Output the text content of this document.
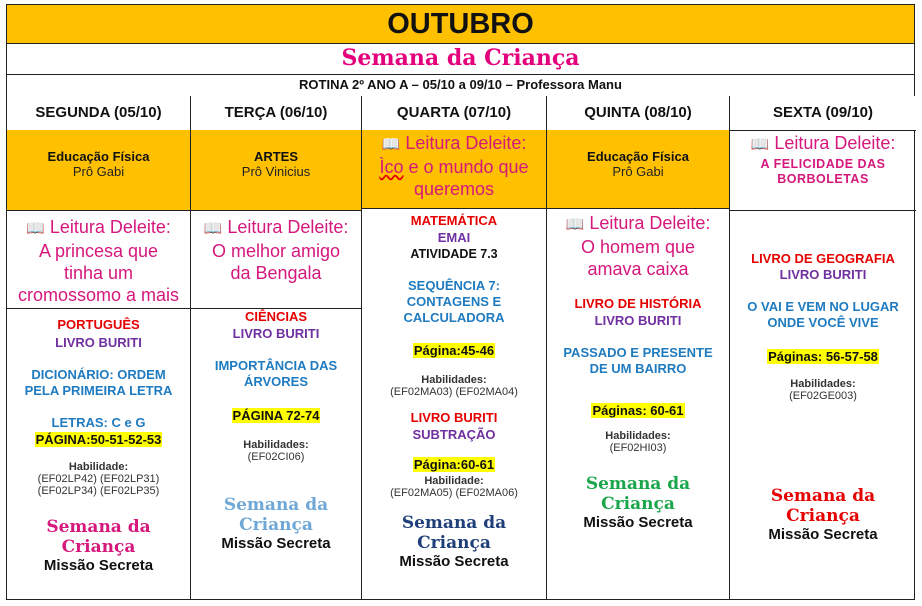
OUTUBRO
Semana da Criança
ROTINA 2º ANO A – 05/10 a 09/10 – Professora Manu
SEGUNDA (05/10)
Educação Física
Prô Gabi
📖 Leitura Deleite:
A princesa que
tinha um
cromossomo a mais
PORTUGUÊS
LIVRO BURITI
DICIONÁRIO: ORDEM
PELA PRIMEIRA LETRA
LETRAS: C e G
PÁGINA:50-51-52-53
Habilidade:
(EF02LP42) (EF02LP31)
(EF02LP34) (EF02LP35)
Semana da
Criança
Missão Secreta
TERÇA (06/10)
ARTES
Prô Vinicius
📖 Leitura Deleite:
O melhor amigo
da Bengala
CIÊNCIAS
LIVRO BURITI
IMPORTÂNCIA DAS
ÁRVORES
PÁGINA 72-74
Habilidades:
(EF02CI06)
Semana da
Criança
Missão Secreta
QUARTA (07/10)
📖 Leitura Deleite:
Ìco e o mundo que
queremos
MATEMÁTICA
EMAI
ATIVIDADE 7.3
SEQUÊNCIA 7:
CONTAGENS E
CALCULADORA
Página:45-46
Habilidades:
(EF02MA03) (EF02MA04)
LIVRO BURITI
SUBTRAÇÃO
Página:60-61
Habilidade:
(EF02MA05) (EF02MA06)
Semana da
Criança
Missão Secreta
QUINTA (08/10)
Educação Física
Prô Gabi
📖 Leitura Deleite:
O homem que
amava caixa
LIVRO DE HISTÓRIA
LIVRO BURITI
PASSADO E PRESENTE
DE UM BAIRRO
Páginas: 60-61
Habilidades:
(EF02HI03)
Semana da
Criança
Missão Secreta
SEXTA (09/10)
📖 Leitura Deleite:
A FELICIDADE DAS
BORBOLETAS
LIVRO DE GEOGRAFIA
LIVRO BURITI
O VAI E VEM NO LUGAR
ONDE VOCÊ VIVE
Páginas: 56-57-58
Habilidades:
(EF02GE003)
Semana da
Criança
Missão Secreta
